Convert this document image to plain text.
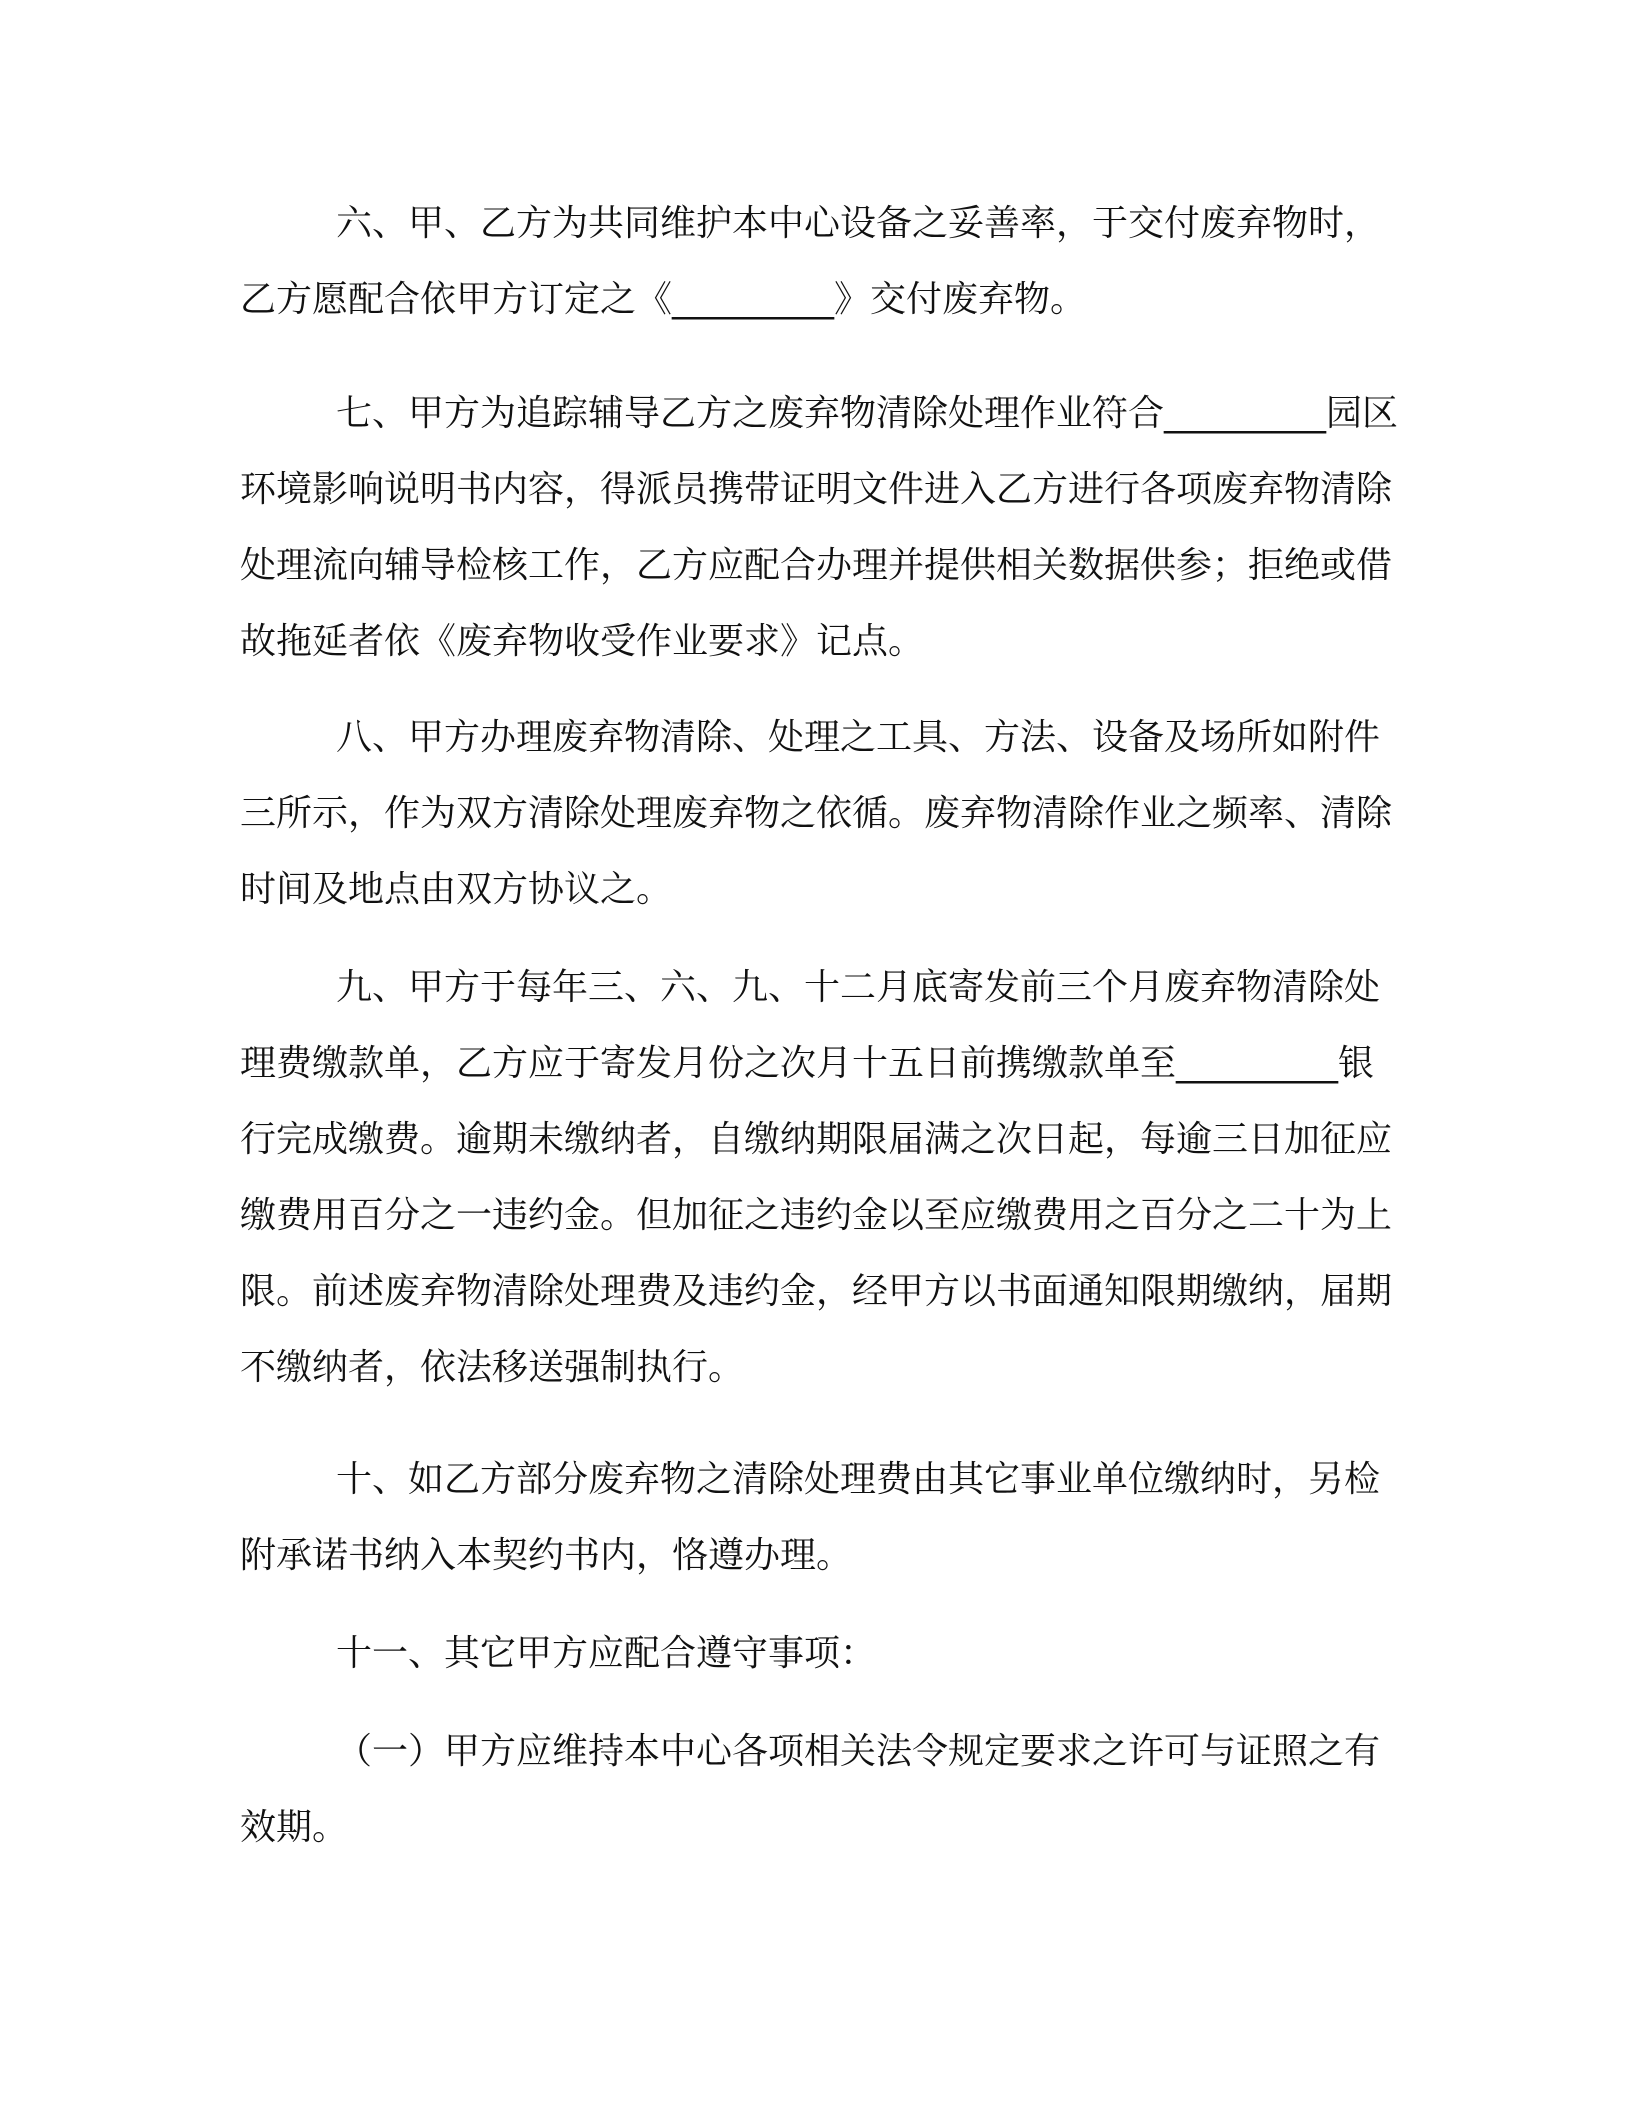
六、甲、乙方为共同维护本中心设备之妥善率，于交付废弃物时，乙方愿配合依甲方订定之《_________》交付废弃物。

七、甲方为追踪辅导乙方之废弃物清除处理作业符合_________园区环境影响说明书内容，得派员携带证明文件进入乙方进行各项废弃物清除处理流向辅导检核工作，乙方应配合办理并提供相关数据供参；拒绝或借故拖延者依《废弃物收受作业要求》记点。

八、甲方办理废弃物清除、处理之工具、方法、设备及场所如附件三所示，作为双方清除处理废弃物之依循。废弃物清除作业之频率、清除时间及地点由双方协议之。

九、甲方于每年三、六、九、十二月底寄发前三个月废弃物清除处理费缴款单，乙方应于寄发月份之次月十五日前携缴款单至_________银行完成缴费。逾期未缴纳者，自缴纳期限届满之次日起，每逾三日加征应缴费用百分之一违约金。但加征之违约金以至应缴费用之百分之二十为上限。前述废弃物清除处理费及违约金，经甲方以书面通知限期缴纳，届期不缴纳者，依法移送强制执行。

十、如乙方部分废弃物之清除处理费由其它事业单位缴纳时，另检附承诺书纳入本契约书内，恪遵办理。

十一、其它甲方应配合遵守事项：

（一）甲方应维持本中心各项相关法令规定要求之许可与证照之有效期。
